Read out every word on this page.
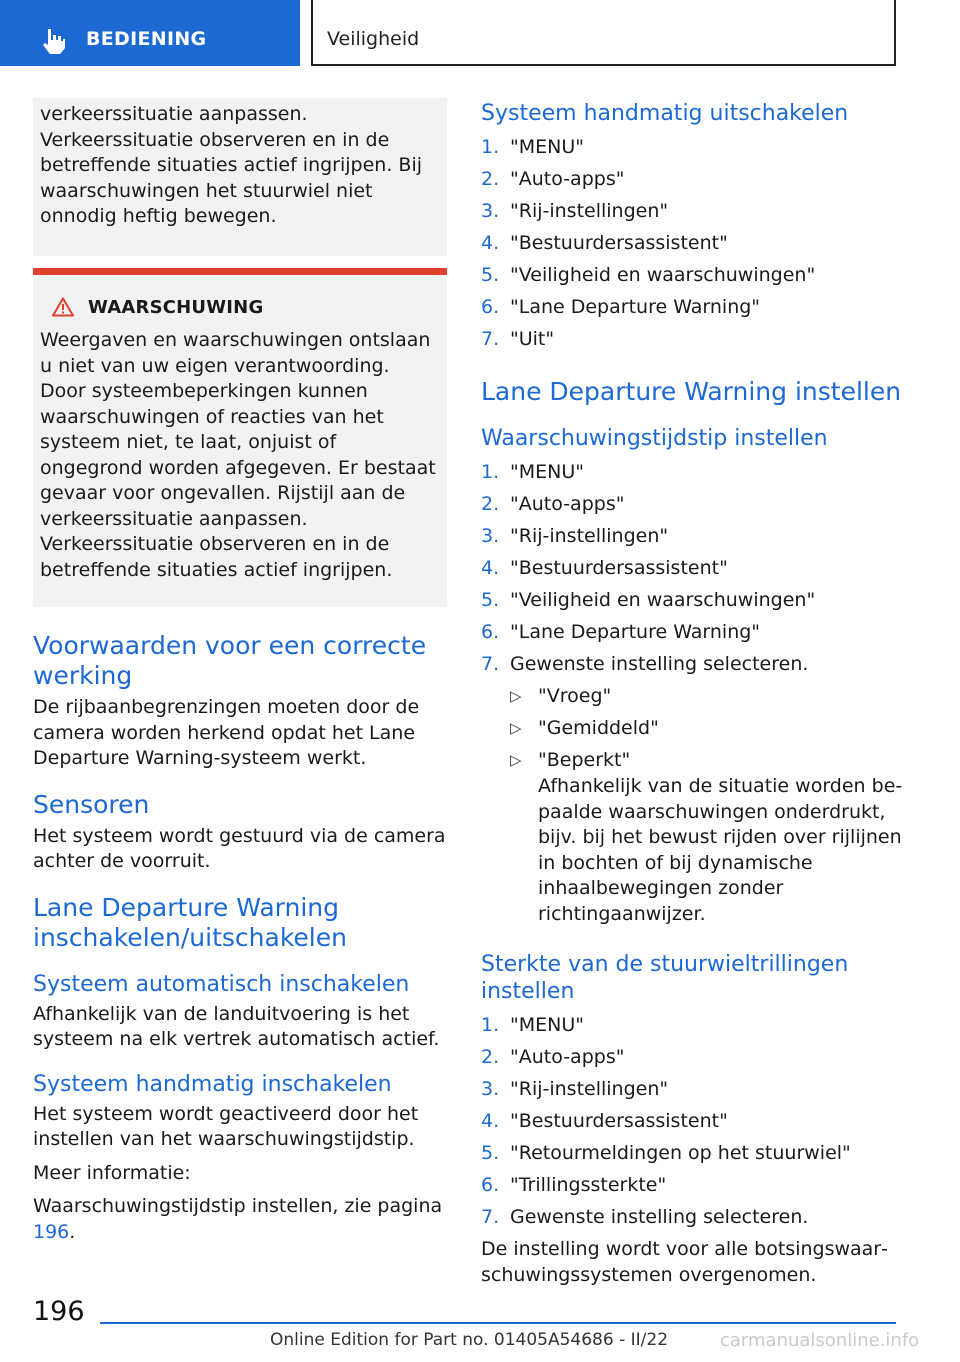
BEDIENING	Veiligheid
verkeerssituatie aanpassen. Verkeerssituatie observeren en in de betreffende situaties actief ingrijpen. Bij waarschuwingen het stuurwiel niet onnodig heftig bewegen.
WAARSCHUWING
Weergaven en waarschuwingen ontslaan u niet van uw eigen verantwoording. Door systeembeperkingen kunnen waarschuwingen of reacties van het systeem niet, te laat, onjuist of ongegrond worden afgegeven. Er bestaat gevaar voor ongevallen. Rijstijl aan de verkeerssituatie aanpassen. Verkeerssituatie observeren en in de betreffende situaties actief ingrijpen.
Voorwaarden voor een correcte werking
De rijbaanbegrenzingen moeten door de camera worden herkend opdat het Lane Departure Warning-systeem werkt.
Sensoren
Het systeem wordt gestuurd via de camera achter de voorruit.
Lane Departure Warning inschakelen/uitschakelen
Systeem automatisch inschakelen
Afhankelijk van de landuitvoering is het systeem na elk vertrek automatisch actief.
Systeem handmatig inschakelen
Het systeem wordt geactiveerd door het instellen van het waarschuwingstijdstip.
Meer informatie:
Waarschuwingstijdstip instellen, zie pagina 196.
Systeem handmatig uitschakelen
1. "MENU"
2. "Auto-apps"
3. "Rij-instellingen"
4. "Bestuurdersassistent"
5. "Veiligheid en waarschuwingen"
6. "Lane Departure Warning"
7. "Uit"
Lane Departure Warning instellen
Waarschuwingstijdstip instellen
1. "MENU"
2. "Auto-apps"
3. "Rij-instellingen"
4. "Bestuurdersassistent"
5. "Veiligheid en waarschuwingen"
6. "Lane Departure Warning"
7. Gewenste instelling selecteren.
▷ "Vroeg"
▷ "Gemiddeld"
▷ "Beperkt"
Afhankelijk van de situatie worden bepaalde waarschuwingen onderdrukt, bijv. bij het bewust rijden over rijlijnen in bochten of bij dynamische inhaalbewegingen zonder richtingaanwijzer.
Sterkte van de stuurwieltrillingen instellen
1. "MENU"
2. "Auto-apps"
3. "Rij-instellingen"
4. "Bestuurdersassistent"
5. "Retourmeldingen op het stuurwiel"
6. "Trillingssterkte"
7. Gewenste instelling selecteren.
De instelling wordt voor alle botsingswaarschuwingssystemen overgenomen.
196
Online Edition for Part no. 01405A54686 - II/22	carmanualsonline.info
